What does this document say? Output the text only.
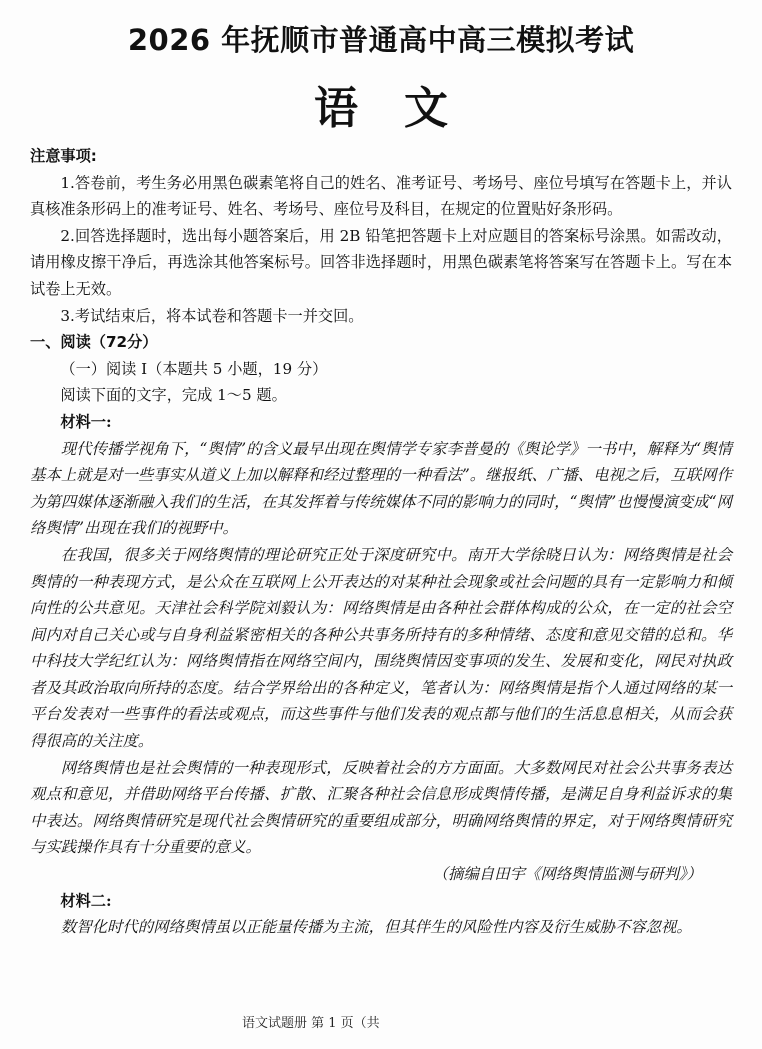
2026 年抚顺市普通高中高三模拟考试
语文

注意事项:

1.答卷前，考生务必用黑色碳素笔将自己的姓名、准考证号、考场号、座位号填写在答题卡上，并认真核准条形码上的准考证号、姓名、考场号、座位号及科目，在规定的位置贴好条形码。

2.回答选择题时，选出每小题答案后，用 2B 铅笔把答题卡上对应题目的答案标号涂黑。如需改动，请用橡皮擦干净后，再选涂其他答案标号。回答非选择题时，用黑色碳素笔将答案写在答题卡上。写在本试卷上无效。

3.考试结束后，将本试卷和答题卡一并交回。

一、阅读（72分）

（一）阅读 I（本题共 5 小题，19 分）

阅读下面的文字，完成 1～5 题。

材料一:

现代传播学视角下，“舆情”的含义最早出现在舆情学专家李普曼的《舆论学》一书中，解释为“舆情基本上就是对一些事实从道义上加以解释和经过整理的一种看法”。继报纸、广播、电视之后，互联网作为第四媒体逐渐融入我们的生活，在其发挥着与传统媒体不同的影响力的同时，“舆情”也慢慢演变成“网络舆情”出现在我们的视野中。

在我国，很多关于网络舆情的理论研究正处于深度研究中。南开大学徐晓日认为：网络舆情是社会舆情的一种表现方式，是公众在互联网上公开表达的对某种社会现象或社会问题的具有一定影响力和倾向性的公共意见。天津社会科学院刘毅认为：网络舆情是由各种社会群体构成的公众，在一定的社会空间内对自己关心或与自身利益紧密相关的各种公共事务所持有的多种情绪、态度和意见交错的总和。华中科技大学纪红认为：网络舆情指在网络空间内，围绕舆情因变事项的发生、发展和变化，网民对执政者及其政治取向所持的态度。结合学界给出的各种定义，笔者认为：网络舆情是指个人通过网络的某一平台发表对一些事件的看法或观点，而这些事件与他们发表的观点都与他们的生活息息相关，从而会获得很高的关注度。

网络舆情也是社会舆情的一种表现形式，反映着社会的方方面面。大多数网民对社会公共事务表达观点和意见，并借助网络平台传播、扩散、汇聚各种社会信息形成舆情传播，是满足自身利益诉求的集中表达。网络舆情研究是现代社会舆情研究的重要组成部分，明确网络舆情的界定，对于网络舆情研究与实践操作具有十分重要的意义。

（摘编自田宇《网络舆情监测与研判》）

材料二:

数智化时代的网络舆情虽以正能量传播为主流，但其伴生的风险性内容及衍生威胁不容忽视。

语文试题册 第 1 页（共
